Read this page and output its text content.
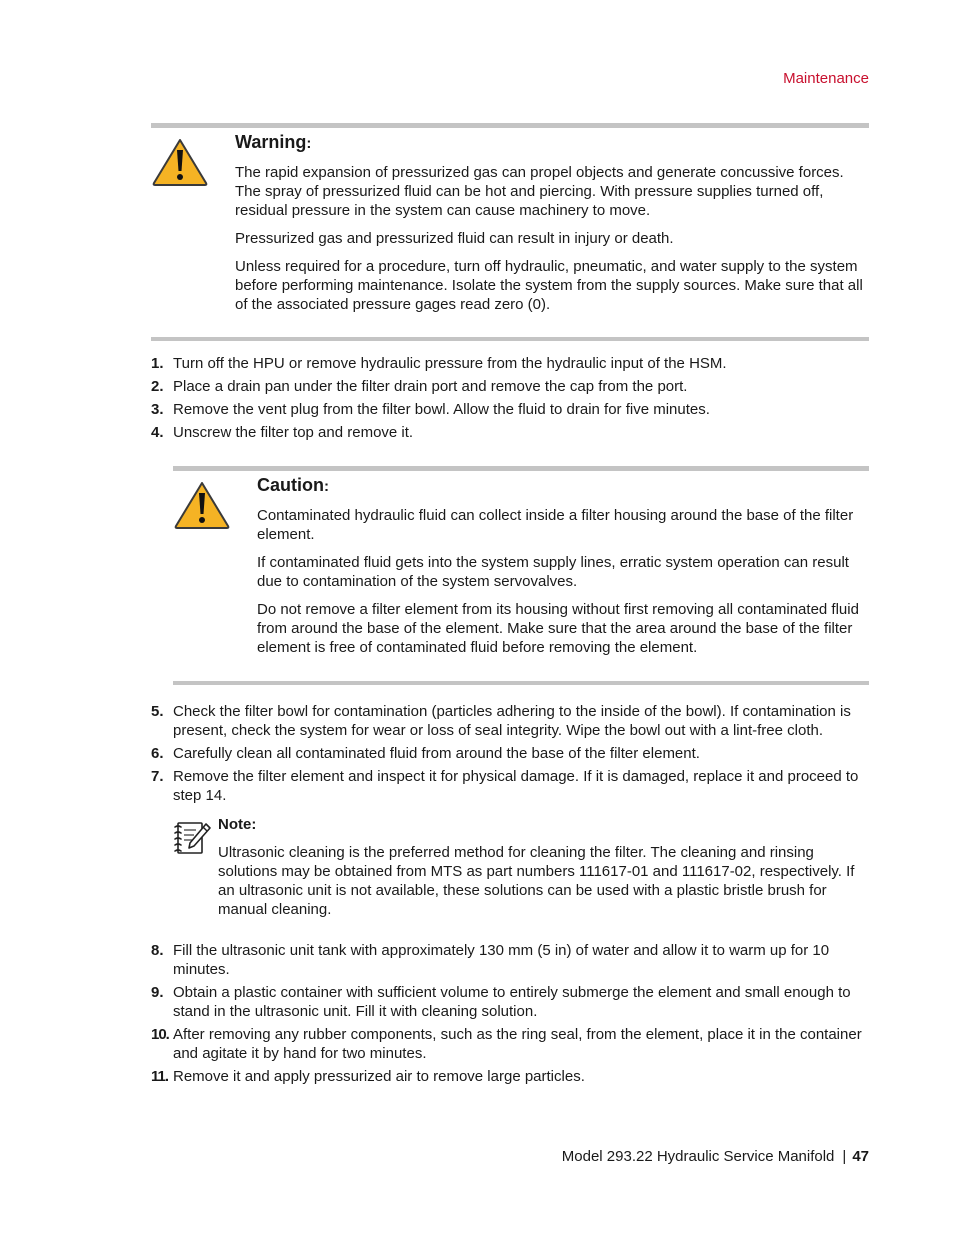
Maintenance
Warning:

The rapid expansion of pressurized gas can propel objects and generate concussive forces. The spray of pressurized fluid can be hot and piercing. With pressure supplies turned off, residual pressure in the system can cause machinery to move.

Pressurized gas and pressurized fluid can result in injury or death.

Unless required for a procedure, turn off hydraulic, pneumatic, and water supply to the system before performing maintenance. Isolate the system from the supply sources. Make sure that all of the associated pressure gages read zero (0).

1. Turn off the HPU or remove hydraulic pressure from the hydraulic input of the HSM.
2. Place a drain pan under the filter drain port and remove the cap from the port.
3. Remove the vent plug from the filter bowl. Allow the fluid to drain for five minutes.
4. Unscrew the filter top and remove it.
Caution:

Contaminated hydraulic fluid can collect inside a filter housing around the base of the filter element.

If contaminated fluid gets into the system supply lines, erratic system operation can result due to contamination of the system servovalves.

Do not remove a filter element from its housing without first removing all contaminated fluid from around the base of the element. Make sure that the area around the base of the filter element is free of contaminated fluid before removing the element.

5. Check the filter bowl for contamination (particles adhering to the inside of the bowl). If contamination is present, check the system for wear or loss of seal integrity. Wipe the bowl out with a lint-free cloth.
6. Carefully clean all contaminated fluid from around the base of the filter element.
7. Remove the filter element and inspect it for physical damage. If it is damaged, replace it and proceed to step 14.
Note:

Ultrasonic cleaning is the preferred method for cleaning the filter. The cleaning and rinsing solutions may be obtained from MTS as part numbers 111617-01 and 111617-02, respectively. If an ultrasonic unit is not available, these solutions can be used with a plastic bristle brush for manual cleaning.

8. Fill the ultrasonic unit tank with approximately 130 mm (5 in) of water and allow it to warm up for 10 minutes.
9. Obtain a plastic container with sufficient volume to entirely submerge the element and small enough to stand in the ultrasonic unit. Fill it with cleaning solution.
10. After removing any rubber components, such as the ring seal, from the element, place it in the container and agitate it by hand for two minutes.
11. Remove it and apply pressurized air to remove large particles.
Model 293.22 Hydraulic Service Manifold | 47
